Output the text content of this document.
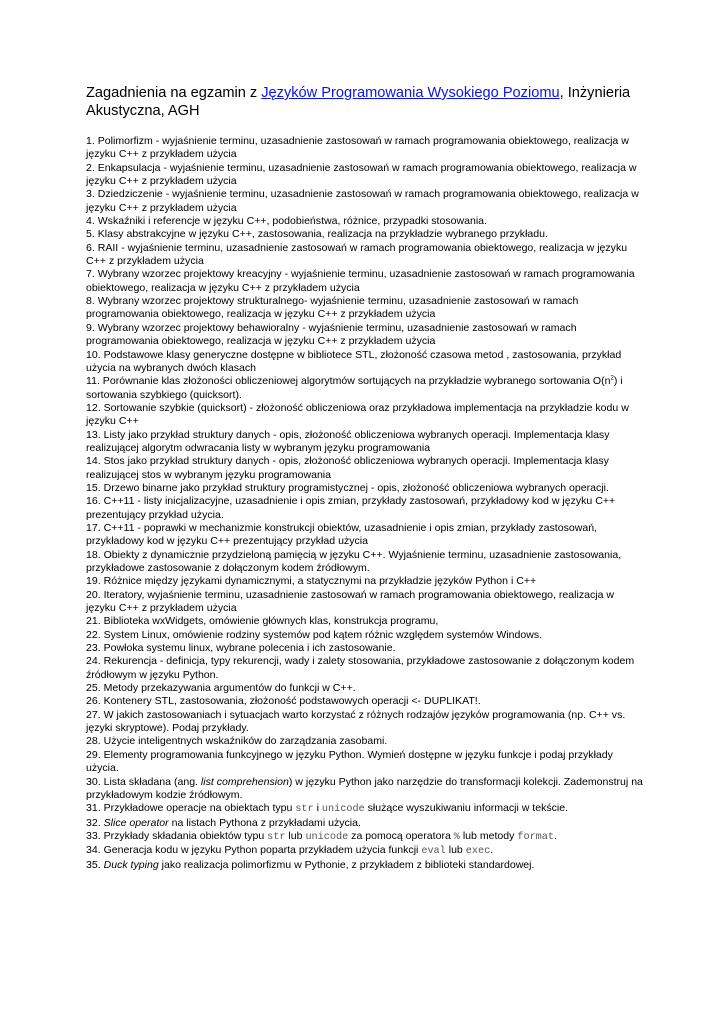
Zagadnienia na egzamin z Języków Programowania Wysokiego Poziomu, Inżynieria Akustyczna, AGH

1. Polimorfizm - wyjaśnienie terminu, uzasadnienie zastosowań w ramach programowania obiektowego, realizacja w języku C++ z przykładem użycia

2. Enkapsulacja - wyjaśnienie terminu, uzasadnienie zastosowań w ramach programowania obiektowego, realizacja w języku C++ z przykładem użycia

3. Dziedziczenie - wyjaśnienie terminu, uzasadnienie zastosowań w ramach programowania obiektowego, realizacja w języku C++ z przykładem użycia

4. Wskaźniki i referencje w języku C++, podobieństwa, różnice, przypadki stosowania.

5. Klasy abstrakcyjne w języku C++, zastosowania, realizacja na przykładzie wybranego przykładu.

6. RAII - wyjaśnienie terminu, uzasadnienie zastosowań w ramach programowania obiektowego, realizacja w języku C++ z przykładem użycia

7. Wybrany wzorzec projektowy kreacyjny - wyjaśnienie terminu, uzasadnienie zastosowań w ramach programowania obiektowego, realizacja w języku C++ z przykładem użycia

8. Wybrany wzorzec projektowy strukturalnego- wyjaśnienie terminu, uzasadnienie zastosowań w ramach programowania obiektowego, realizacja w języku C++ z przykładem użycia

9. Wybrany wzorzec projektowy behawioralny - wyjaśnienie terminu, uzasadnienie zastosowań w ramach programowania obiektowego, realizacja w języku C++ z przykładem użycia

10. Podstawowe klasy generyczne dostępne w bibliotece STL, złożoność czasowa metod , zastosowania, przykład użycia na wybranych dwóch klasach

11. Porównanie klas złożoności obliczeniowej algorytmów sortujących na przykładzie wybranego sortowania $O(n^2)$ i sortowania szybkiego (quicksort).

12. Sortowanie szybkie (quicksort) - złożoność obliczeniowa oraz przykładowa implementacja na przykładzie kodu w języku C++

13. Listy jako przykład struktury danych - opis, złożoność obliczeniowa wybranych operacji. Implementacja klasy realizującej algorytm odwracania listy w wybranym języku programowania

14. Stos jako przykład struktury danych - opis, złożoność obliczeniowa wybranych operacji. Implementacja klasy realizującej stos w wybranym języku programowania

15. Drzewo binarne jako przykład struktury programistycznej - opis, złożoność obliczeniowa wybranych operacji.

16. C++11 - listy inicjalizacyjne, uzasadnienie i opis zmian, przykłady zastosowań, przykładowy kod w języku C++ prezentujący przykład użycia.

17. C++11 - poprawki w mechanizmie konstrukcji obiektów, uzasadnienie i opis zmian, przykłady zastosowań, przykładowy kod w języku C++ prezentujący przykład użycia

18. Obiekty z dynamicznie przydzieloną pamięcią w języku C++. Wyjaśnienie terminu, uzasadnienie zastosowania, przykładowe zastosowanie z dołączonym kodem źródłowym.

19. Różnice między językami dynamicznymi, a statycznymi na przykładzie języków Python i C++

20. Iteratory, wyjaśnienie terminu, uzasadnienie zastosowań w ramach programowania obiektowego, realizacja w języku C++ z przykładem użycia

21. Biblioteka wxWidgets, omówienie głównych klas, konstrukcja programu,

22. System Linux, omówienie rodziny systemów pod kątem różnic względem systemów Windows.

23. Powłoka systemu linux, wybrane polecenia i ich zastosowanie.

24. Rekurencja - definicja, typy rekurencji, wady i zalety stosowania, przykładowe zastosowanie z dołączonym kodem źródłowym w języku Python.

25. Metody przekazywania argumentów do funkcji w C++.

26. Kontenery STL, zastosowania, złożoność podstawowych operacji <- DUPLIKAT!.

27. W jakich zastosowaniach i sytuacjach warto korzystać z różnych rodzajów języków programowania (np. C++ vs. języki skryptowe). Podaj przykłady.

28. Użycie inteligentnych wskaźników do zarządzania zasobami.

29. Elementy programowania funkcyjnego w języku Python. Wymień dostępne w języku funkcje i podaj przykłady użycia.

30. Lista składana (ang. list comprehension) w języku Python jako narzędzie do transformacji kolekcji. Zademonstruj na przykładowym kodzie źródłowym.

31. Przykładowe operacje na obiektach typu str i unicode służące wyszukiwaniu informacji w tekście.

32. Slice operator na listach Pythona z przykładami użycia.

33. Przykłady składania obiektów typu str lub unicode za pomocą operatora % lub metody format.

34. Generacja kodu w języku Python poparta przykładem użycia funkcji eval lub exec.

35. Duck typing jako realizacja polimorfizmu w Pythonie, z przykładem z biblioteki standardowej.
